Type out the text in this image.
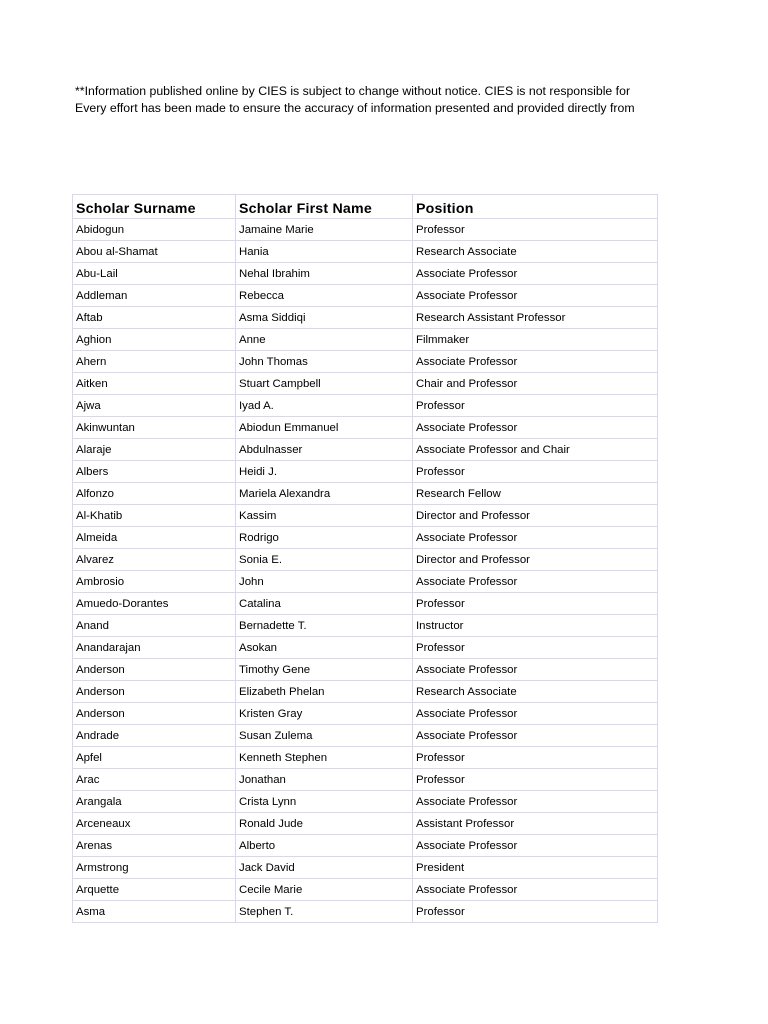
**Information published online by CIES is subject to change without notice. CIES is not responsible for
Every effort has been made to ensure the accuracy of information presented and provided directly from
Scholar Surname	Scholar First Name	Position
Abidogun	Jamaine Marie	Professor
Abou al-Shamat	Hania	Research Associate
Abu-Lail	Nehal Ibrahim	Associate Professor
Addleman	Rebecca	Associate Professor
Aftab	Asma Siddiqi	Research Assistant Professor
Aghion	Anne	Filmmaker
Ahern	John Thomas	Associate Professor
Aitken	Stuart Campbell	Chair and Professor
Ajwa	Iyad A.	Professor
Akinwuntan	Abiodun Emmanuel	Associate Professor
Alaraje	Abdulnasser	Associate Professor and Chair
Albers	Heidi J.	Professor
Alfonzo	Mariela Alexandra	Research Fellow
Al-Khatib	Kassim	Director and Professor
Almeida	Rodrigo	Associate Professor
Alvarez	Sonia E.	Director and Professor
Ambrosio	John	Associate Professor
Amuedo-Dorantes	Catalina	Professor
Anand	Bernadette T.	Instructor
Anandarajan	Asokan	Professor
Anderson	Timothy Gene	Associate Professor
Anderson	Elizabeth Phelan	Research Associate
Anderson	Kristen Gray	Associate Professor
Andrade	Susan Zulema	Associate Professor
Apfel	Kenneth Stephen	Professor
Arac	Jonathan	Professor
Arangala	Crista Lynn	Associate Professor
Arceneaux	Ronald Jude	Assistant Professor
Arenas	Alberto	Associate Professor
Armstrong	Jack David	President
Arquette	Cecile Marie	Associate Professor
Asma	Stephen T.	Professor
